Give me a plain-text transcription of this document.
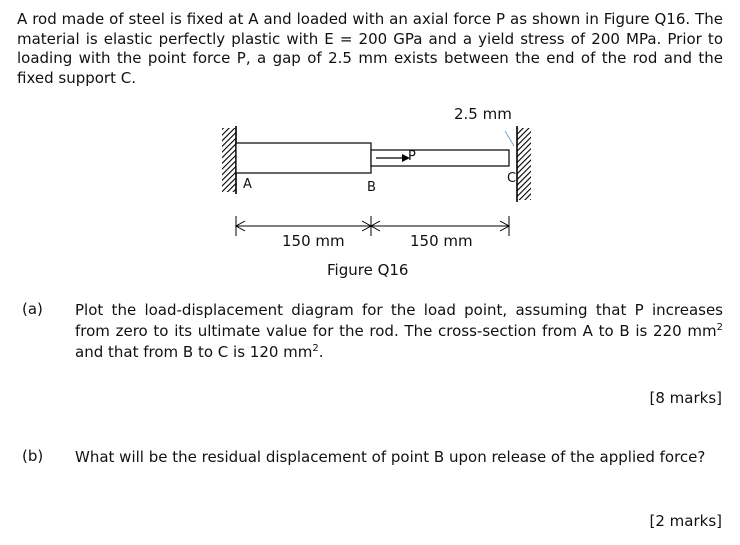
A rod made of steel is fixed at A and loaded with an axial force P as shown in Figure Q16. The material is elastic perfectly plastic with E = 200 GPa and a yield stress of 200 MPa. Prior to loading with the point force P, a gap of 2.5 mm exists between the end of the rod and the fixed support C.
2.5 mm
P
A	B
C
150 mm	150 mm
Figure Q16
(a) Plot the load-displacement diagram for the load point, assuming that P increases from zero to its ultimate value for the rod. The cross-section from A to B is 220 $mm^2$ and that from B to C is 120 $mm^2$.
[8 marks]
(b) What will be the residual displacement of point B upon release of the applied force?
[2 marks]
